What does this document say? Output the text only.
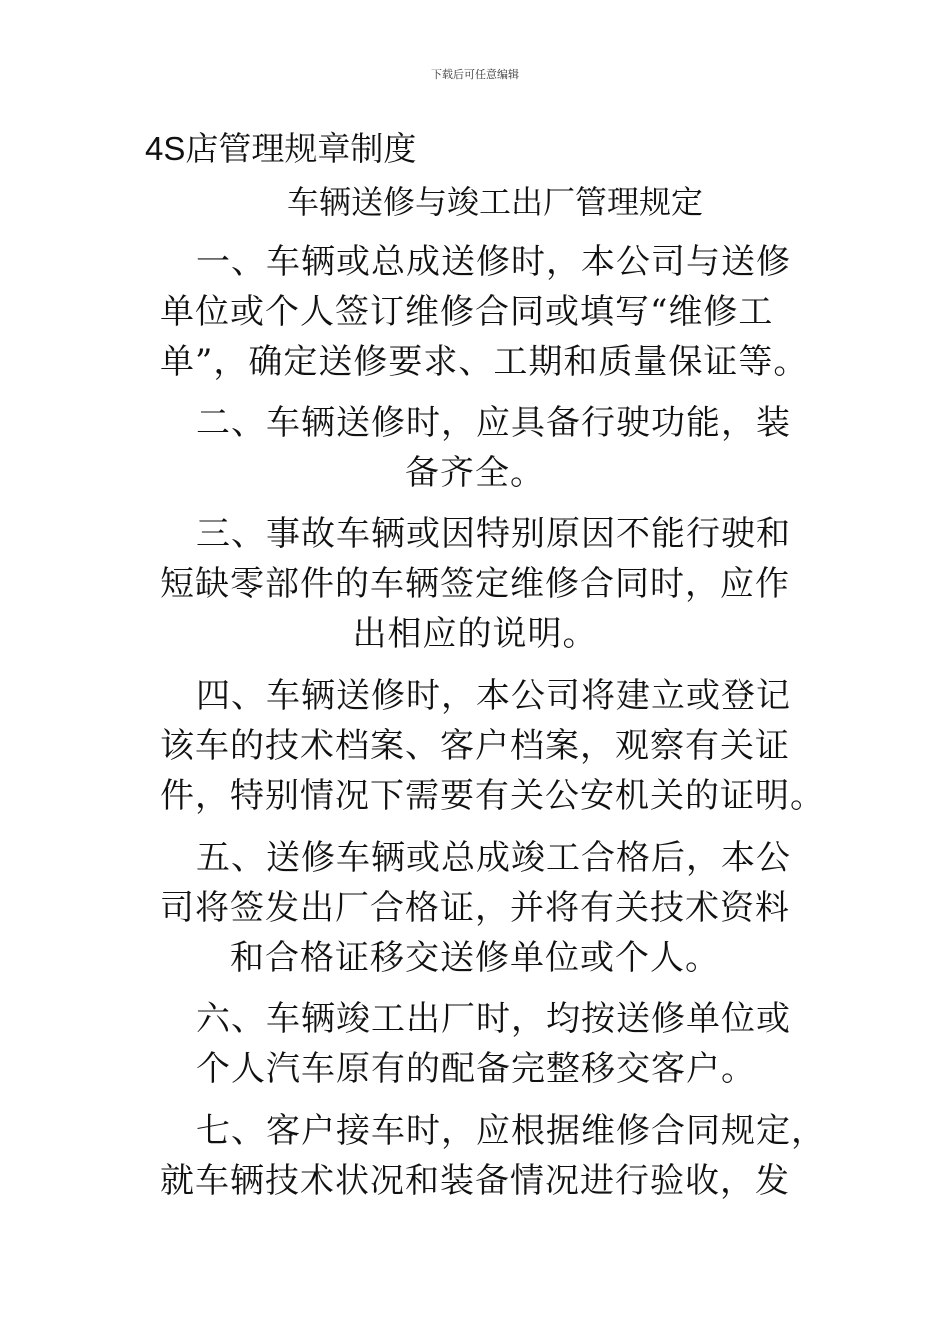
下载后可任意编辑
4S店管理规章制度
车辆送修与竣工出厂管理规定
一、车辆或总成送修时，本公司与送修
单位或个人签订维修合同或填写“维修工
单”，确定送修要求、工期和质量保证等。
二、车辆送修时，应具备行驶功能，装
备齐全。
三、事故车辆或因特别原因不能行驶和
短缺零部件的车辆签定维修合同时，应作
出相应的说明。
四、车辆送修时，本公司将建立或登记
该车的技术档案、客户档案，观察有关证
件，特别情况下需要有关公安机关的证明。
五、送修车辆或总成竣工合格后，本公
司将签发出厂合格证，并将有关技术资料
和合格证移交送修单位或个人。
六、车辆竣工出厂时，均按送修单位或
个人汽车原有的配备完整移交客户。
七、客户接车时，应根据维修合同规定，
就车辆技术状况和装备情况进行验收，发
